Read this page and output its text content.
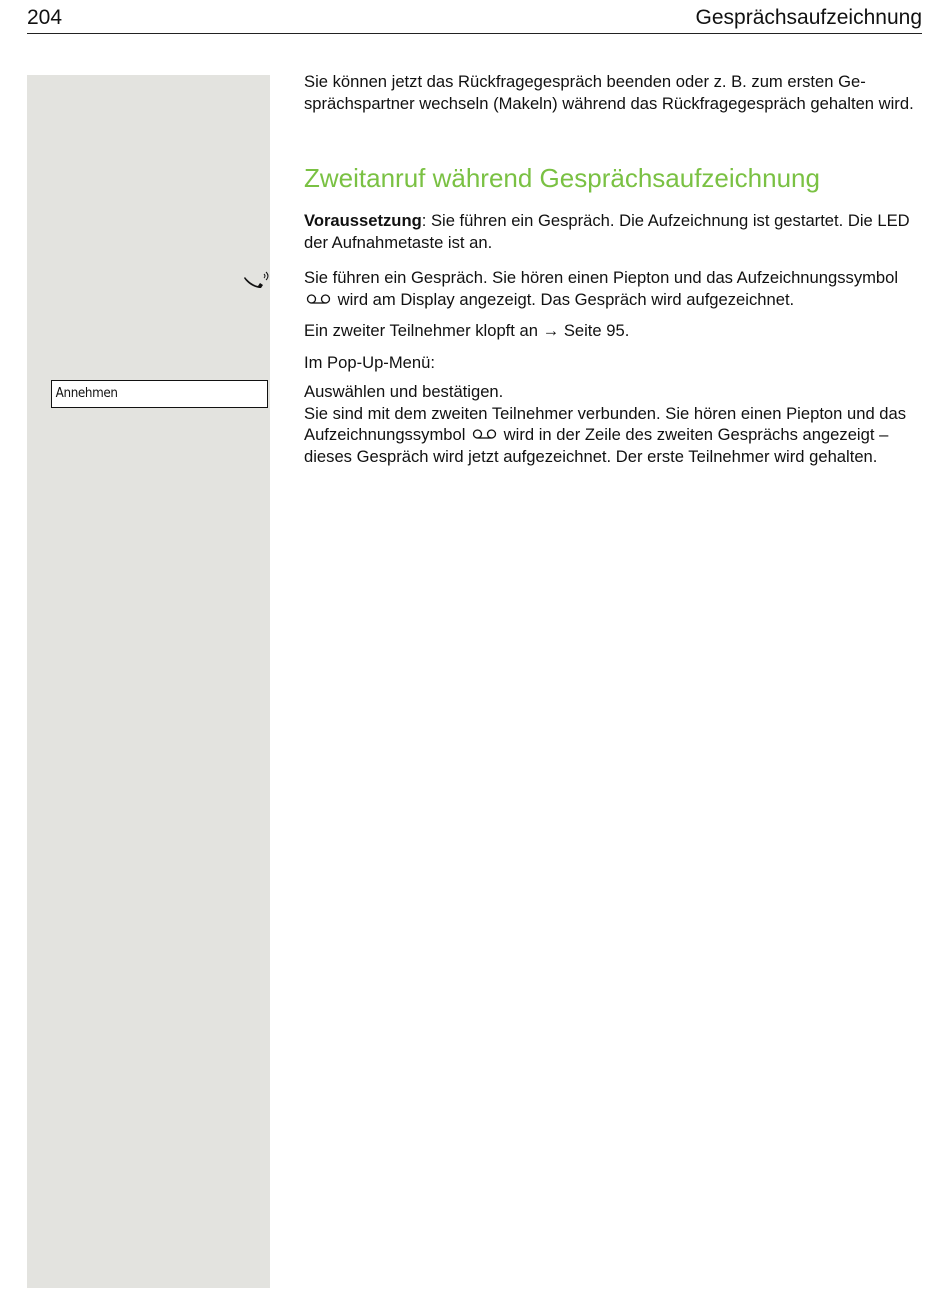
204	Gesprächsaufzeichnung
Annehmen

Sie können jetzt das Rückfragegespräch beenden oder z. B. zum ersten Gesprächspartner wechseln (Makeln) während das Rückfragegespräch gehalten wird.

Zweitanruf während Gesprächsaufzeichnung

Voraussetzung: Sie führen ein Gespräch. Die Aufzeichnung ist gestartet. Die LED der Aufnahmetaste ist an.

Sie führen ein Gespräch. Sie hören einen Piepton und das Aufzeichnungssymbol
wird am Display angezeigt. Das Gespräch wird aufgezeichnet.

Ein zweiter Teilnehmer klopft an → Seite 95.

Im Pop-Up-Menü:

Auswählen und bestätigen.

Sie sind mit dem zweiten Teilnehmer verbunden. Sie hören einen Piepton und das Aufzeichnungssymbol wird in der Zeile des zweiten Gesprächs angezeigt – dieses Gespräch wird jetzt aufgezeichnet. Der erste Teilnehmer wird gehalten.
